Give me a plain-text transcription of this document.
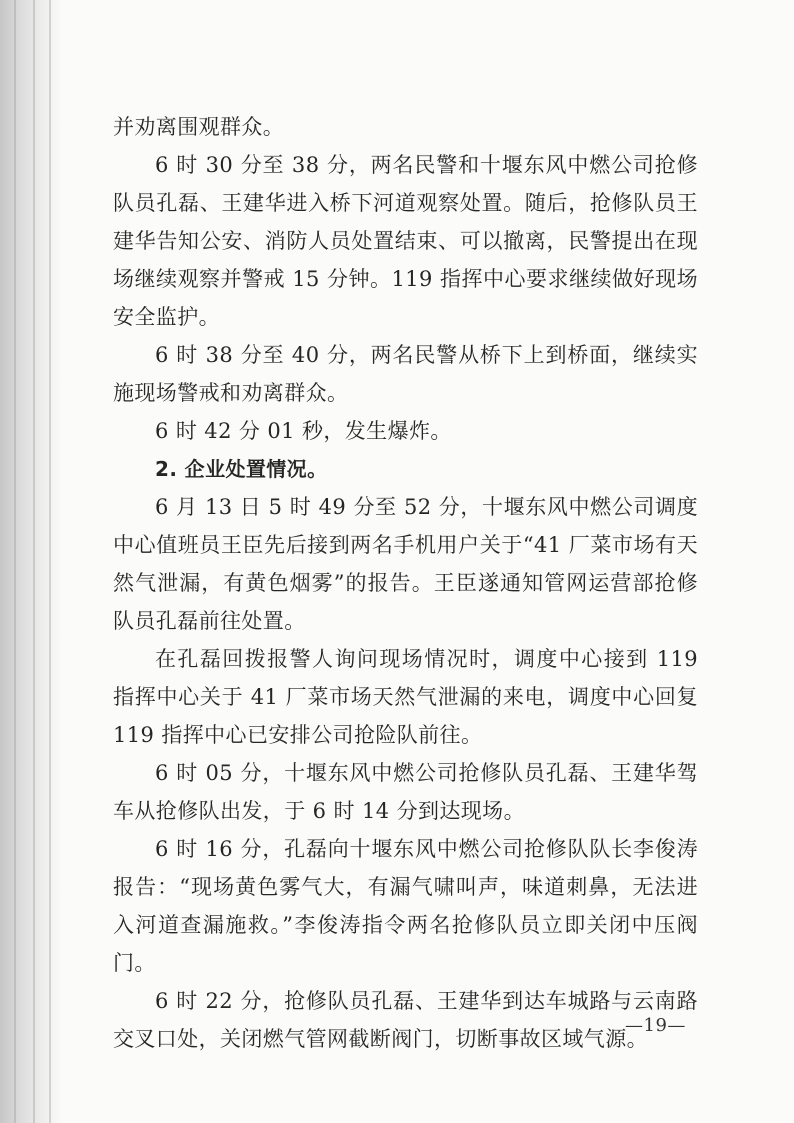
并劝离围观群众。

6 时 30 分至 38 分，两名民警和十堰东风中燃公司抢修队员孔磊、王建华进入桥下河道观察处置。随后，抢修队员王建华告知公安、消防人员处置结束、可以撤离，民警提出在现场继续观察并警戒 15 分钟。119 指挥中心要求继续做好现场安全监护。

6 时 38 分至 40 分，两名民警从桥下上到桥面，继续实施现场警戒和劝离群众。

6 时 42 分 01 秒，发生爆炸。

2. 企业处置情况。

6 月 13 日 5 时 49 分至 52 分，十堰东风中燃公司调度中心值班员王臣先后接到两名手机用户关于“41 厂菜市场有天然气泄漏，有黄色烟雾”的报告。王臣遂通知管网运营部抢修队员孔磊前往处置。

在孔磊回拨报警人询问现场情况时，调度中心接到 119 指挥中心关于 41 厂菜市场天然气泄漏的来电，调度中心回复 119 指挥中心已安排公司抢险队前往。

6 时 05 分，十堰东风中燃公司抢修队员孔磊、王建华驾车从抢修队出发，于 6 时 14 分到达现场。

6 时 16 分，孔磊向十堰东风中燃公司抢修队队长李俊涛报告：“现场黄色雾气大，有漏气啸叫声，味道刺鼻，无法进入河道查漏施救。”李俊涛指令两名抢修队员立即关闭中压阀门。

6 时 22 分，抢修队员孔磊、王建华到达车城路与云南路交叉口处，关闭燃气管网截断阀门，切断事故区域气源。

—19—
